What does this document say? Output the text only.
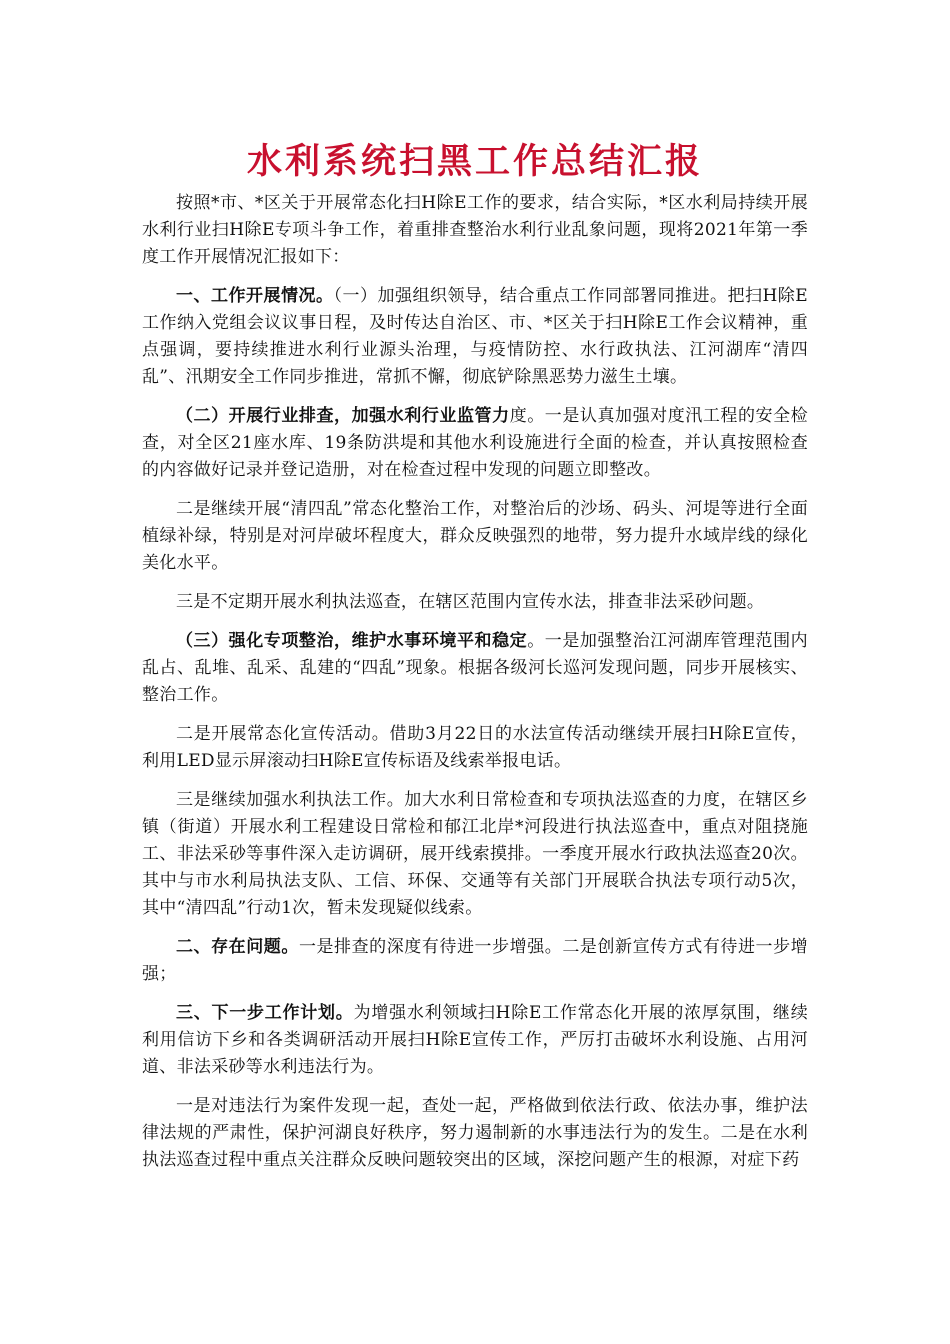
水利系统扫黑工作总结汇报

按照*市、*区关于开展常态化扫H除E工作的要求，结合实际，*区水利局持续开展水利行业扫H除E专项斗争工作，着重排查整治水利行业乱象问题，现将2021年第一季度工作开展情况汇报如下：

一、工作开展情况。（一）加强组织领导，结合重点工作同部署同推进。把扫H除E工作纳入党组会议议事日程，及时传达自治区、市、*区关于扫H除E工作会议精神，重点强调，要持续推进水利行业源头治理，与疫情防控、水行政执法、江河湖库“清四乱”、汛期安全工作同步推进，常抓不懈，彻底铲除黑恶势力滋生土壤。

（二）开展行业排查，加强水利行业监管力度。一是认真加强对度汛工程的安全检查，对全区21座水库、19条防洪堤和其他水利设施进行全面的检查，并认真按照检查的内容做好记录并登记造册，对在检查过程中发现的问题立即整改。

二是继续开展“清四乱”常态化整治工作，对整治后的沙场、码头、河堤等进行全面植绿补绿，特别是对河岸破坏程度大，群众反映强烈的地带，努力提升水域岸线的绿化美化水平。

三是不定期开展水利执法巡查，在辖区范围内宣传水法，排查非法采砂问题。

（三）强化专项整治，维护水事环境平和稳定。一是加强整治江河湖库管理范围内乱占、乱堆、乱采、乱建的“四乱”现象。根据各级河长巡河发现问题，同步开展核实、整治工作。

二是开展常态化宣传活动。借助3月22日的水法宣传活动继续开展扫H除E宣传，利用LED显示屏滚动扫H除E宣传标语及线索举报电话。

三是继续加强水利执法工作。加大水利日常检查和专项执法巡查的力度，在辖区乡镇（街道）开展水利工程建设日常检和郁江北岸*河段进行执法巡查中，重点对阻挠施工、非法采砂等事件深入走访调研，展开线索摸排。一季度开展水行政执法巡查20次。其中与市水利局执法支队、工信、环保、交通等有关部门开展联合执法专项行动5次，其中“清四乱”行动1次，暂未发现疑似线索。

二、存在问题。一是排查的深度有待进一步增强。二是创新宣传方式有待进一步增强；

三、下一步工作计划。为增强水利领域扫H除E工作常态化开展的浓厚氛围，继续利用信访下乡和各类调研活动开展扫H除E宣传工作，严厉打击破坏水利设施、占用河道、非法采砂等水利违法行为。

一是对违法行为案件发现一起，查处一起，严格做到依法行政、依法办事，维护法律法规的严肃性，保护河湖良好秩序，努力遏制新的水事违法行为的发生。二是在水利执法巡查过程中重点关注群众反映问题较突出的区域，深挖问题产生的根源，对症下药
